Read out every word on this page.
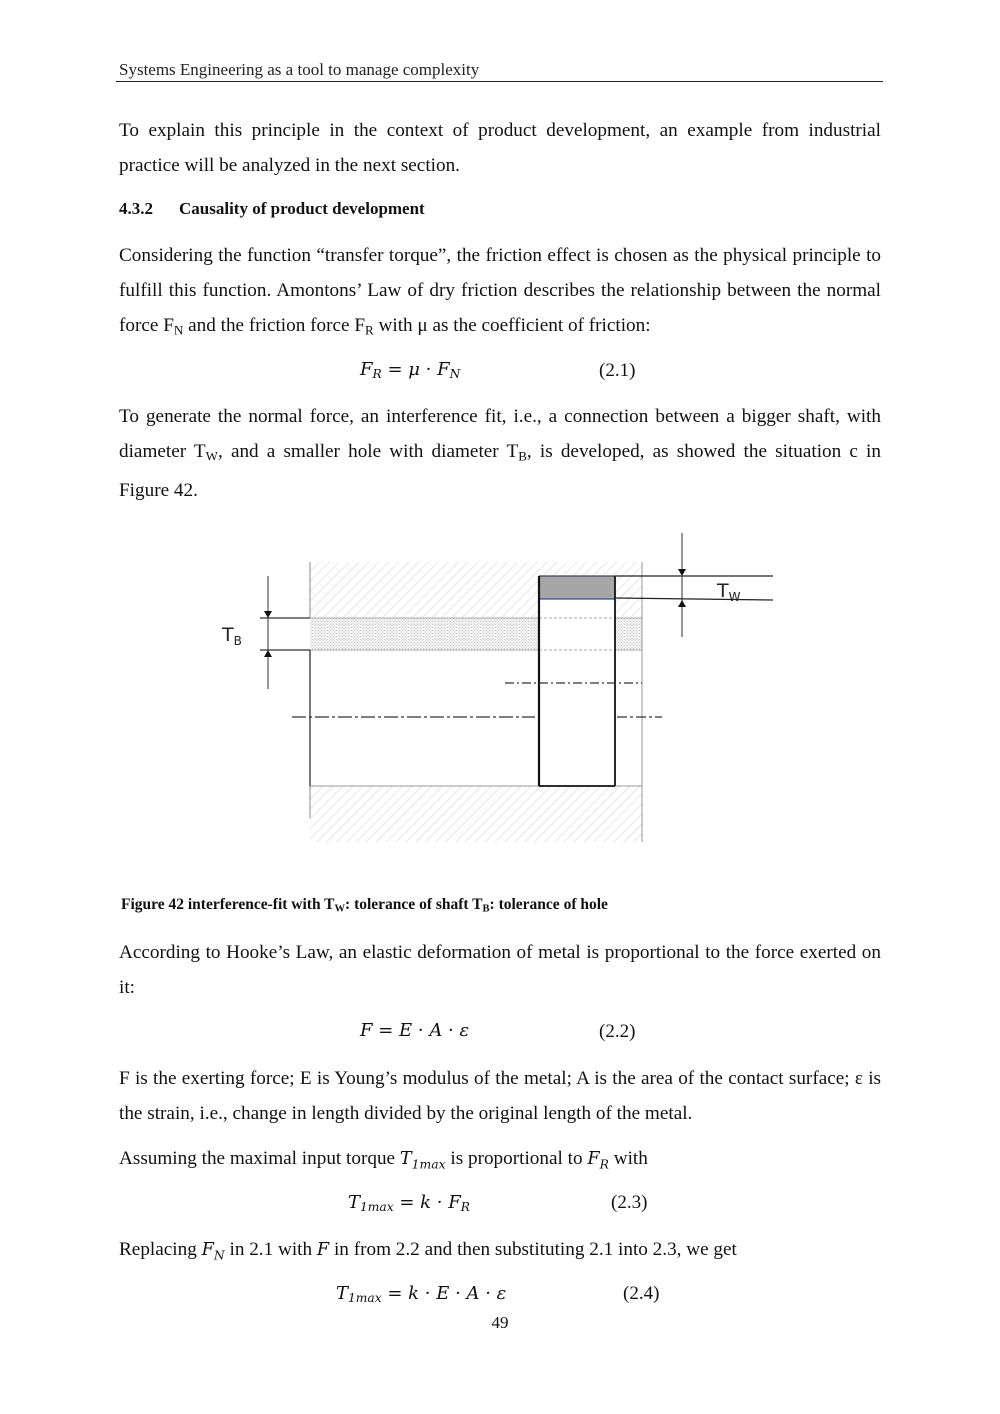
Systems Engineering as a tool to manage complexity
To explain this principle in the context of product development, an example from industrial practice will be analyzed in the next section.
4.3.2 Causality of product development
Considering the function “transfer torque”, the friction effect is chosen as the physical principle to fulfill this function. Amontons’ Law of dry friction describes the relationship between the normal force $F_N$ and the friction force $F_R$ with μ as the coefficient of friction:
$F_R = \mu \cdot F_N$	(2.1)
To generate the normal force, an interference fit, i.e., a connection between a bigger shaft, with diameter $T_W$, and a smaller hole with diameter $T_B$, is developed, as showed the situation c in Figure 42.
$T_B$
$T_W$
Figure 42 interference-fit with $T_W$: tolerance of shaft $T_B$: tolerance of hole
According to Hooke’s Law, an elastic deformation of metal is proportional to the force exerted on it:
F = E · A · ε	(2.2)
F is the exerting force; E is Young’s modulus of the metal; A is the area of the contact surface; ε is the strain, i.e., change in length divided by the original length of the metal.
Assuming the maximal input torque $T_{1max}$ is proportional to $F_R$ with
$T_{1max} = k \cdot F_R$	(2.3)
Replacing $F_N$ in 2.1 with F in from 2.2 and then substituting 2.1 into 2.3, we get
$T_{1max} = k \cdot E \cdot A \cdot \varepsilon$	(2.4)
49
